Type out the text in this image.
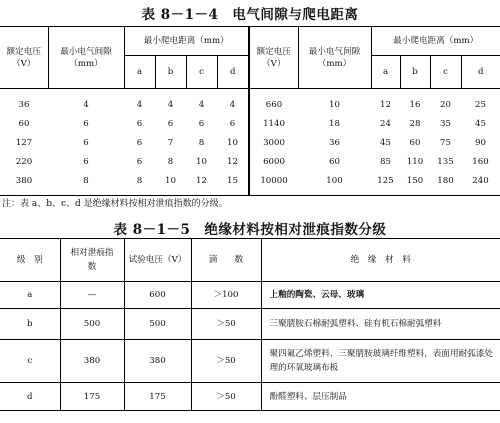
表 8－1－4　电气间隙与爬电距离
额定电压（V）	最小电气间隙（mm）	最小爬电距离（mm）				额定电压（V）	最小电气间隙（mm）	最小爬电距离（mm）			
		a	b	c	d			a	b	c	d
36	4	4	4	4	4	660	10	12	16	20	25
60	6	6	6	6	6	1140	18	24	28	35	45
127	6	6	7	8	10	3000	36	45	60	75	90
220	6	6	8	10	12	6000	60	85	110	135	160
380	8	8	10	12	15	10000	100	125	150	180	240
注：表 a、b、c、d 是绝缘材料按相对泄痕指数的分级。
表 8－1－5　绝缘材料按相对泄痕指数分级
级　别	相对泄痕指　数	试验电压（V）	滴　　数	绝　缘　材　料
a	—	600	＞100	上釉的陶瓷、云母、玻璃
b	500	500	＞50	三聚腈胺石棉耐弧塑料、硅有机石棉耐弧塑料
c	380	380	＞50	聚四氟乙烯塑料、三聚腈胺玻璃纤维塑料，表面用耐弧漆处理的环氧玻璃布板
d	175	175	＞50	酚醛塑料、层压制品
